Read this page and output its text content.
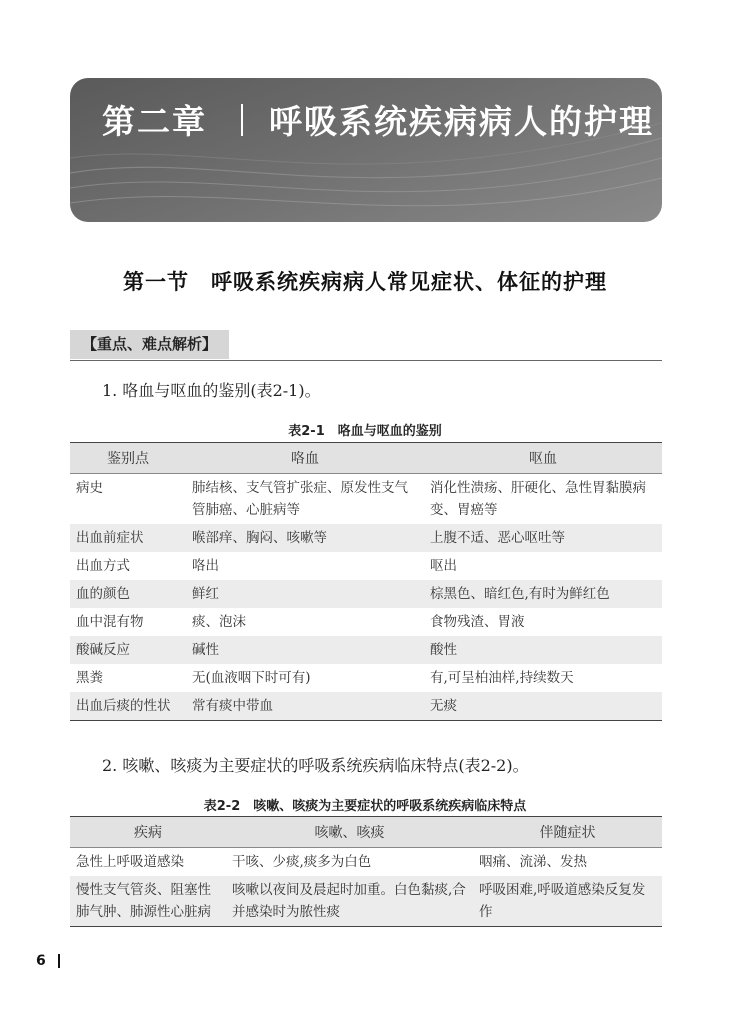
第二章 呼吸系统疾病病人的护理
第一节　呼吸系统疾病病人常见症状、体征的护理
【重点、难点解析】
1. 咯血与呕血的鉴别(表2-1)。
表2-1　咯血与呕血的鉴别
鉴别点	咯血	呕血
病史	肺结核、支气管扩张症、原发性支气管肺癌、心脏病等	消化性溃疡、肝硬化、急性胃黏膜病变、胃癌等
出血前症状	喉部痒、胸闷、咳嗽等	上腹不适、恶心呕吐等
出血方式	咯出	呕出
血的颜色	鲜红	棕黑色、暗红色,有时为鲜红色
血中混有物	痰、泡沫	食物残渣、胃液
酸碱反应	碱性	酸性
黑粪	无(血液咽下时可有)	有,可呈柏油样,持续数天
出血后痰的性状	常有痰中带血	无痰
2. 咳嗽、咳痰为主要症状的呼吸系统疾病临床特点(表2-2)。
表2-2　咳嗽、咳痰为主要症状的呼吸系统疾病临床特点
疾病	咳嗽、咳痰	伴随症状
急性上呼吸道感染	干咳、少痰,痰多为白色	咽痛、流涕、发热
慢性支气管炎、阻塞性肺气肿、肺源性心脏病	咳嗽以夜间及晨起时加重。白色黏痰,合并感染时为脓性痰	呼吸困难,呼吸道感染反复发作
6
